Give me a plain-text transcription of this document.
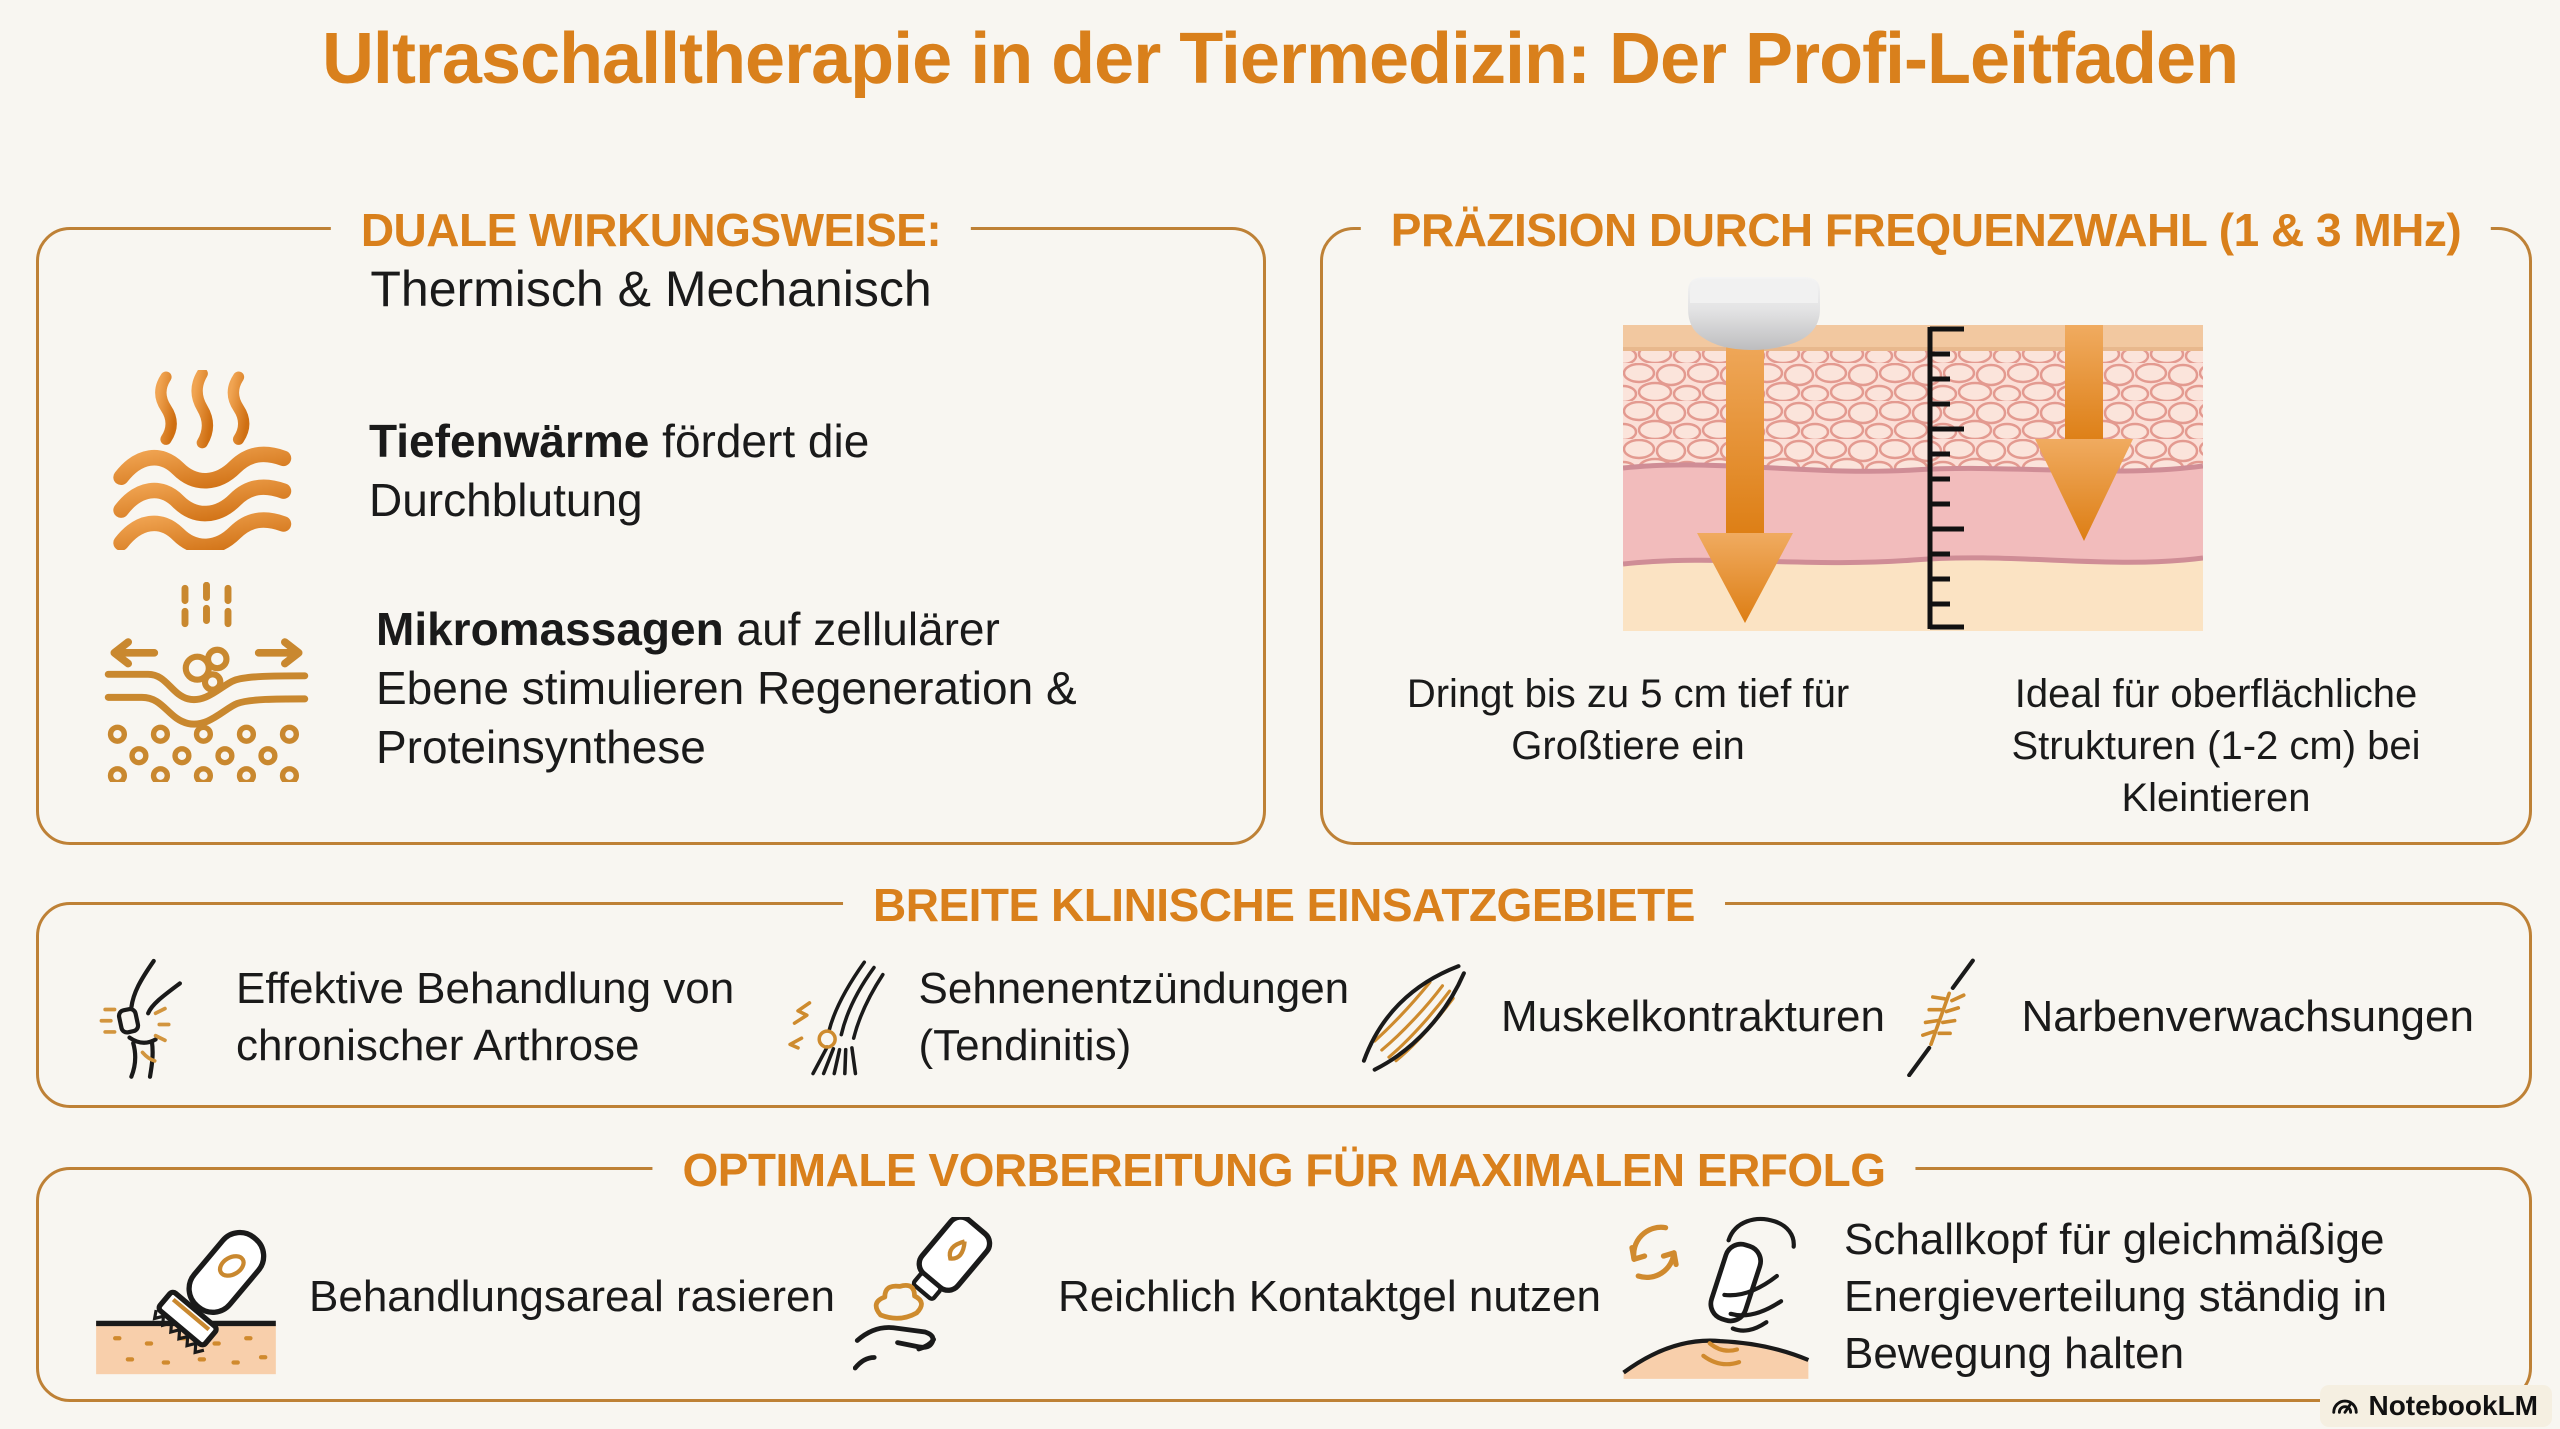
Ultraschalltherapie in der Tiermedizin: Der Profi-Leitfaden
DUALE WIRKUNGSWEISE:
Thermisch & Mechanisch
Tiefenwärme fördert die Durchblutung
Mikromassagen auf zellulärer Ebene stimulieren Regeneration & Proteinsynthese
PRÄZISION DURCH FREQUENZWAHL (1 & 3 MHz)
Dringt bis zu 5 cm tief für Großtiere ein
Ideal für oberflächliche Strukturen (1-2 cm) bei Kleintieren
BREITE KLINISCHE EINSATZGEBIETE
Effektive Behandlung von chronischer Arthrose
Sehnenentzündungen (Tendinitis)
Muskelkontrakturen	Narbenverwachsungen
OPTIMALE VORBEREITUNG FÜR MAXIMALEN ERFOLG
Behandlungsareal rasieren	Reichlich Kontaktgel nutzen
Schallkopf für gleichmäßige Energieverteilung ständig in Bewegung halten
NotebookLM
